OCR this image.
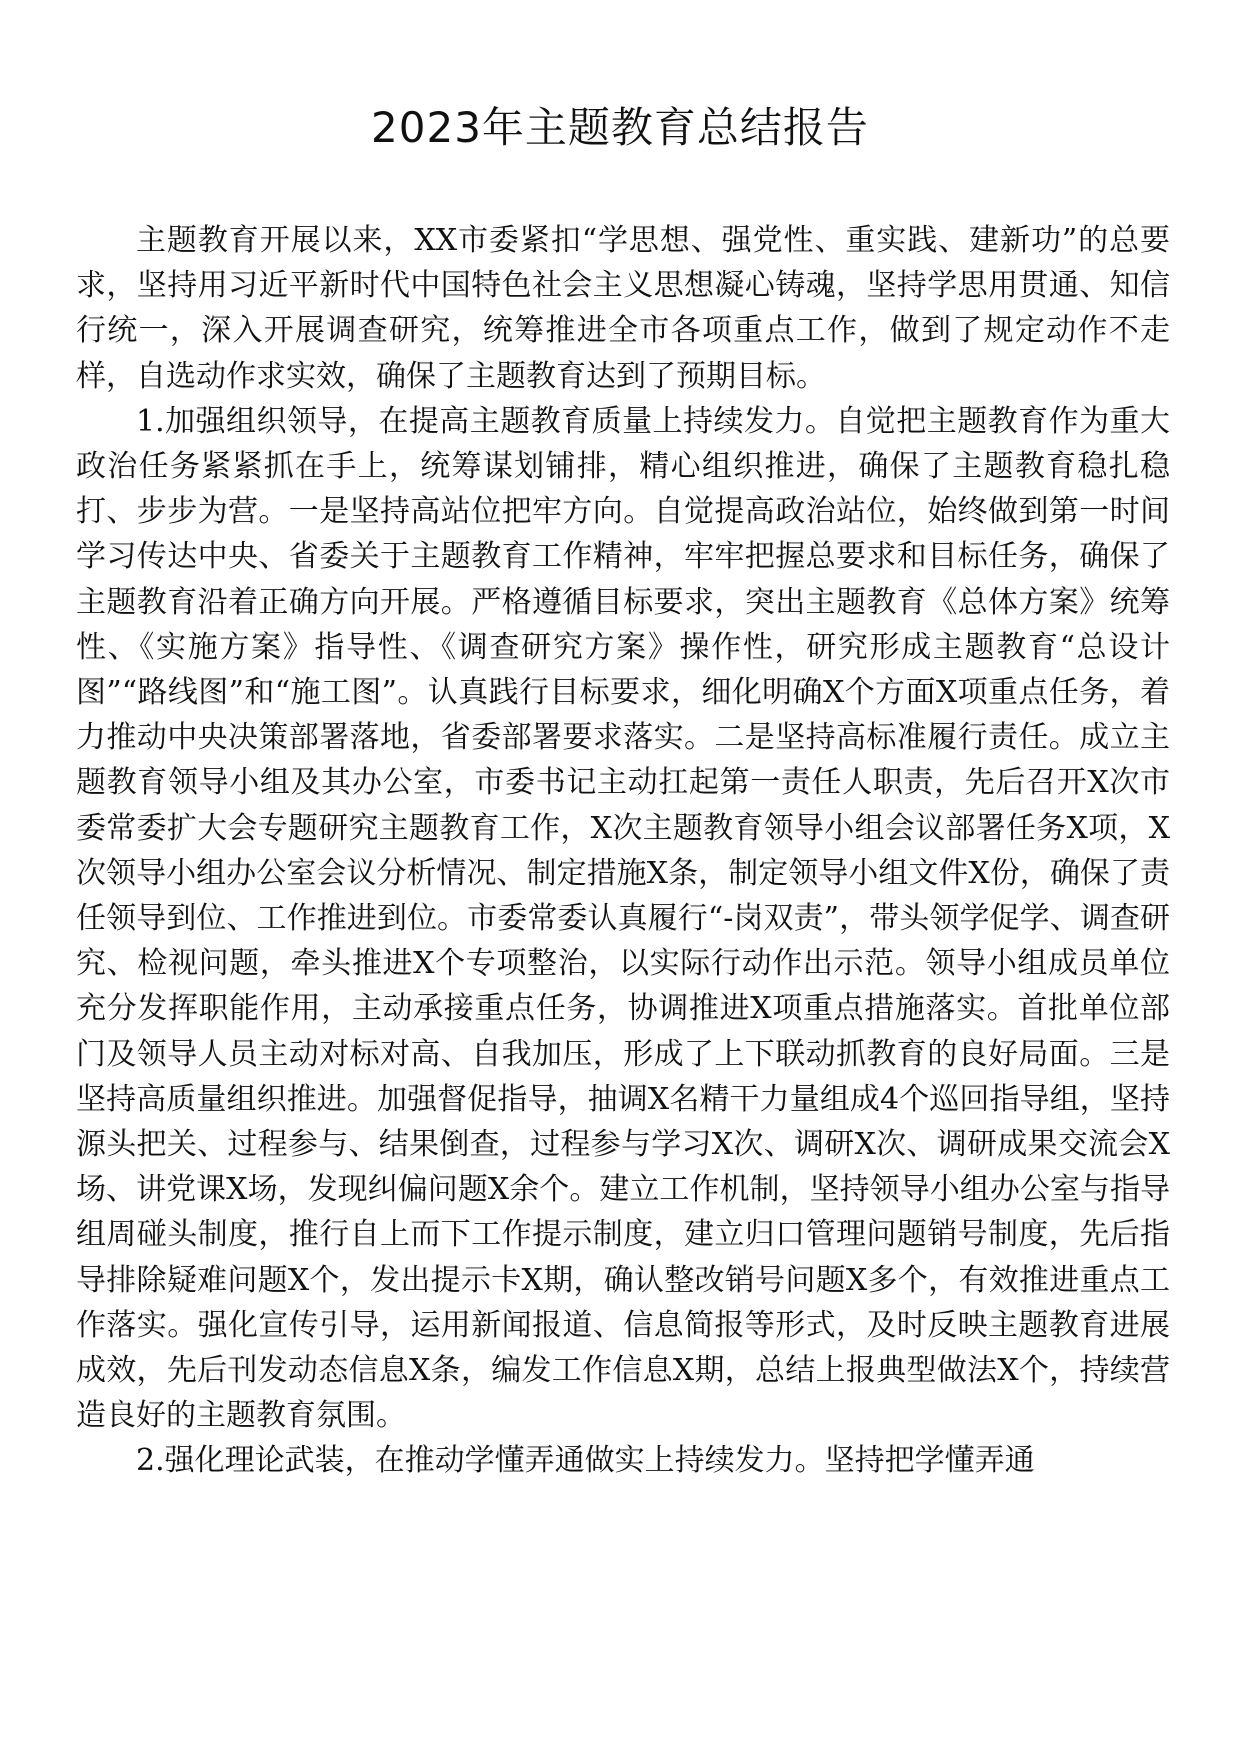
2023年主题教育总结报告

主题教育开展以来，XX市委紧扣“学思想、强党性、重实践、建新功”的总要求，坚持用习近平新时代中国特色社会主义思想凝心铸魂，坚持学思用贯通、知信行统一，深入开展调查研究，统筹推进全市各项重点工作，做到了规定动作不走样，自选动作求实效，确保了主题教育达到了预期目标。

1.加强组织领导，在提高主题教育质量上持续发力。自觉把主题教育作为重大政治任务紧紧抓在手上，统筹谋划铺排，精心组织推进，确保了主题教育稳扎稳打、步步为营。一是坚持高站位把牢方向。自觉提高政治站位，始终做到第一时间学习传达中央、省委关于主题教育工作精神，牢牢把握总要求和目标任务，确保了主题教育沿着正确方向开展。严格遵循目标要求，突出主题教育《总体方案》统筹性、《实施方案》指导性、《调查研究方案》操作性，研究形成主题教育“总设计图”“路线图”和“施工图”。认真践行目标要求，细化明确X个方面X项重点任务，着力推动中央决策部署落地，省委部署要求落实。二是坚持高标准履行责任。成立主题教育领导小组及其办公室，市委书记主动扛起第一责任人职责，先后召开X次市委常委扩大会专题研究主题教育工作，X次主题教育领导小组会议部署任务X项，X次领导小组办公室会议分析情况、制定措施X条，制定领导小组文件X份，确保了责任领导到位、工作推进到位。市委常委认真履行“-岗双责”，带头领学促学、调查研究、检视问题，牵头推进X个专项整治，以实际行动作出示范。领导小组成员单位充分发挥职能作用，主动承接重点任务，协调推进X项重点措施落实。首批单位部门及领导人员主动对标对高、自我加压，形成了上下联动抓教育的良好局面。三是坚持高质量组织推进。加强督促指导，抽调X名精干力量组成4个巡回指导组，坚持源头把关、过程参与、结果倒查，过程参与学习X次、调研X次、调研成果交流会X场、讲党课X场，发现纠偏问题X余个。建立工作机制，坚持领导小组办公室与指导组周碰头制度，推行自上而下工作提示制度，建立归口管理问题销号制度，先后指导排除疑难问题X个，发出提示卡X期，确认整改销号问题X多个，有效推进重点工作落实。强化宣传引导，运用新闻报道、信息简报等形式，及时反映主题教育进展成效，先后刊发动态信息X条，编发工作信息X期，总结上报典型做法X个，持续营造良好的主题教育氛围。

2.强化理论武装，在推动学懂弄通做实上持续发力。坚持把学懂弄通
